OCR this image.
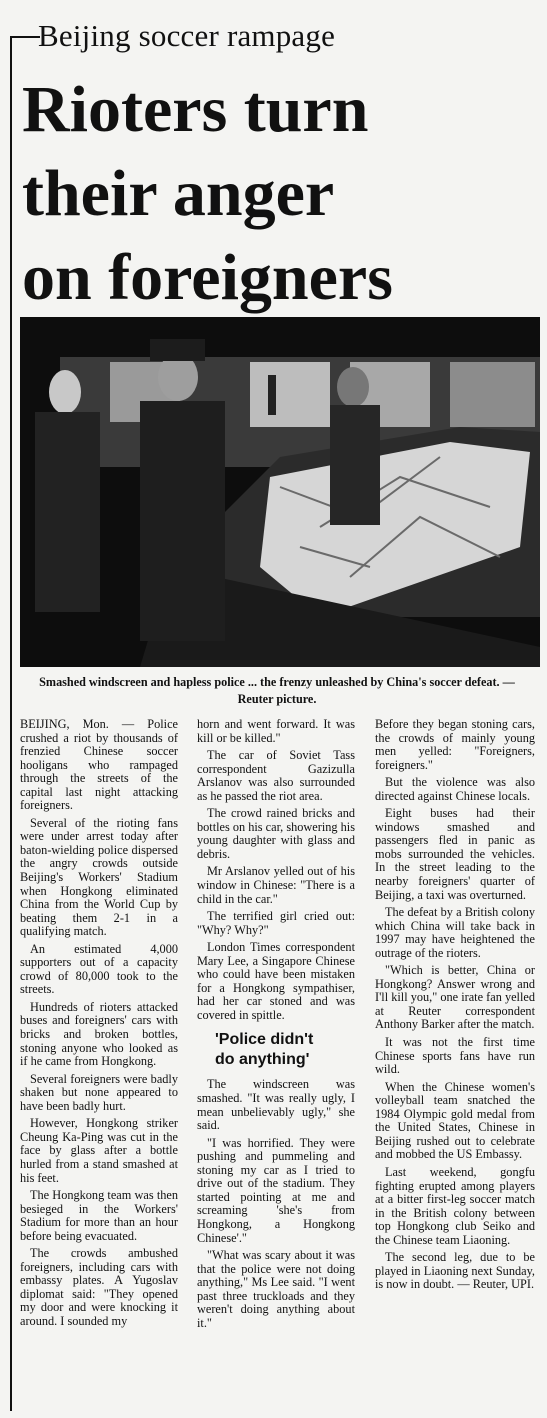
Beijing soccer rampage
Rioters turn
their anger
on foreigners
Smashed windscreen and hapless police ... the frenzy unleashed by China's soccer defeat. — Reuter picture.

BEIJING, Mon. — Police crushed a riot by thousands of frenzied Chinese soccer hooligans who rampaged through the streets of the capital last night attacking foreigners.

Several of the rioting fans were under arrest today after baton-wielding police dispersed the angry crowds outside Beijing's Workers' Stadium when Hongkong eliminated China from the World Cup by beating them 2-1 in a qualifying match.

An estimated 4,000 supporters out of a capacity crowd of 80,000 took to the streets.

Hundreds of rioters attacked buses and foreigners' cars with bricks and broken bottles, stoning anyone who looked as if he came from Hongkong.

Several foreigners were badly shaken but none appeared to have been badly hurt.

However, Hongkong striker Cheung Ka-Ping was cut in the face by glass after a bottle hurled from a stand smashed at his feet.

The Hongkong team was then besieged in the Workers' Stadium for more than an hour before being evacuated.

The crowds ambushed foreigners, including cars with embassy plates. A Yugoslav diplomat said: "They opened my door and were knocking it around. I sounded my

horn and went forward. It was kill or be killed."

The car of Soviet Tass correspondent Gazizulla Arslanov was also surrounded as he passed the riot area.

The crowd rained bricks and bottles on his car, showering his young daughter with glass and debris.

Mr Arslanov yelled out of his window in Chinese: "There is a child in the car."

The terrified girl cried out: "Why? Why?"

London Times correspondent Mary Lee, a Singapore Chinese who could have been mistaken for a Hongkong sympathiser, had her car stoned and was covered in spittle.

'Police didn't
do anything'

The windscreen was smashed. "It was really ugly, I mean unbelievably ugly," she said.

"I was horrified. They were pushing and pummeling and stoning my car as I tried to drive out of the stadium. They started pointing at me and screaming 'she's from Hongkong, a Hongkong Chinese'."

"What was scary about it was that the police were not doing anything," Ms Lee said. "I went past three truckloads and they weren't doing anything about it."

Before they began stoning cars, the crowds of mainly young men yelled: "Foreigners, foreigners."

But the violence was also directed against Chinese locals.

Eight buses had their windows smashed and passengers fled in panic as mobs surrounded the vehicles. In the street leading to the nearby foreigners' quarter of Beijing, a taxi was overturned.

The defeat by a British colony which China will take back in 1997 may have heightened the outrage of the rioters.

"Which is better, China or Hongkong? Answer wrong and I'll kill you," one irate fan yelled at Reuter correspondent Anthony Barker after the match.

It was not the first time Chinese sports fans have run wild.

When the Chinese women's volleyball team snatched the 1984 Olympic gold medal from the United States, Chinese in Beijing rushed out to celebrate and mobbed the US Embassy.

Last weekend, gongfu fighting erupted among players at a bitter first-leg soccer match in the British colony between top Hongkong club Seiko and the Chinese team Liaoning.

The second leg, due to be played in Liaoning next Sunday, is now in doubt. — Reuter, UPI.
